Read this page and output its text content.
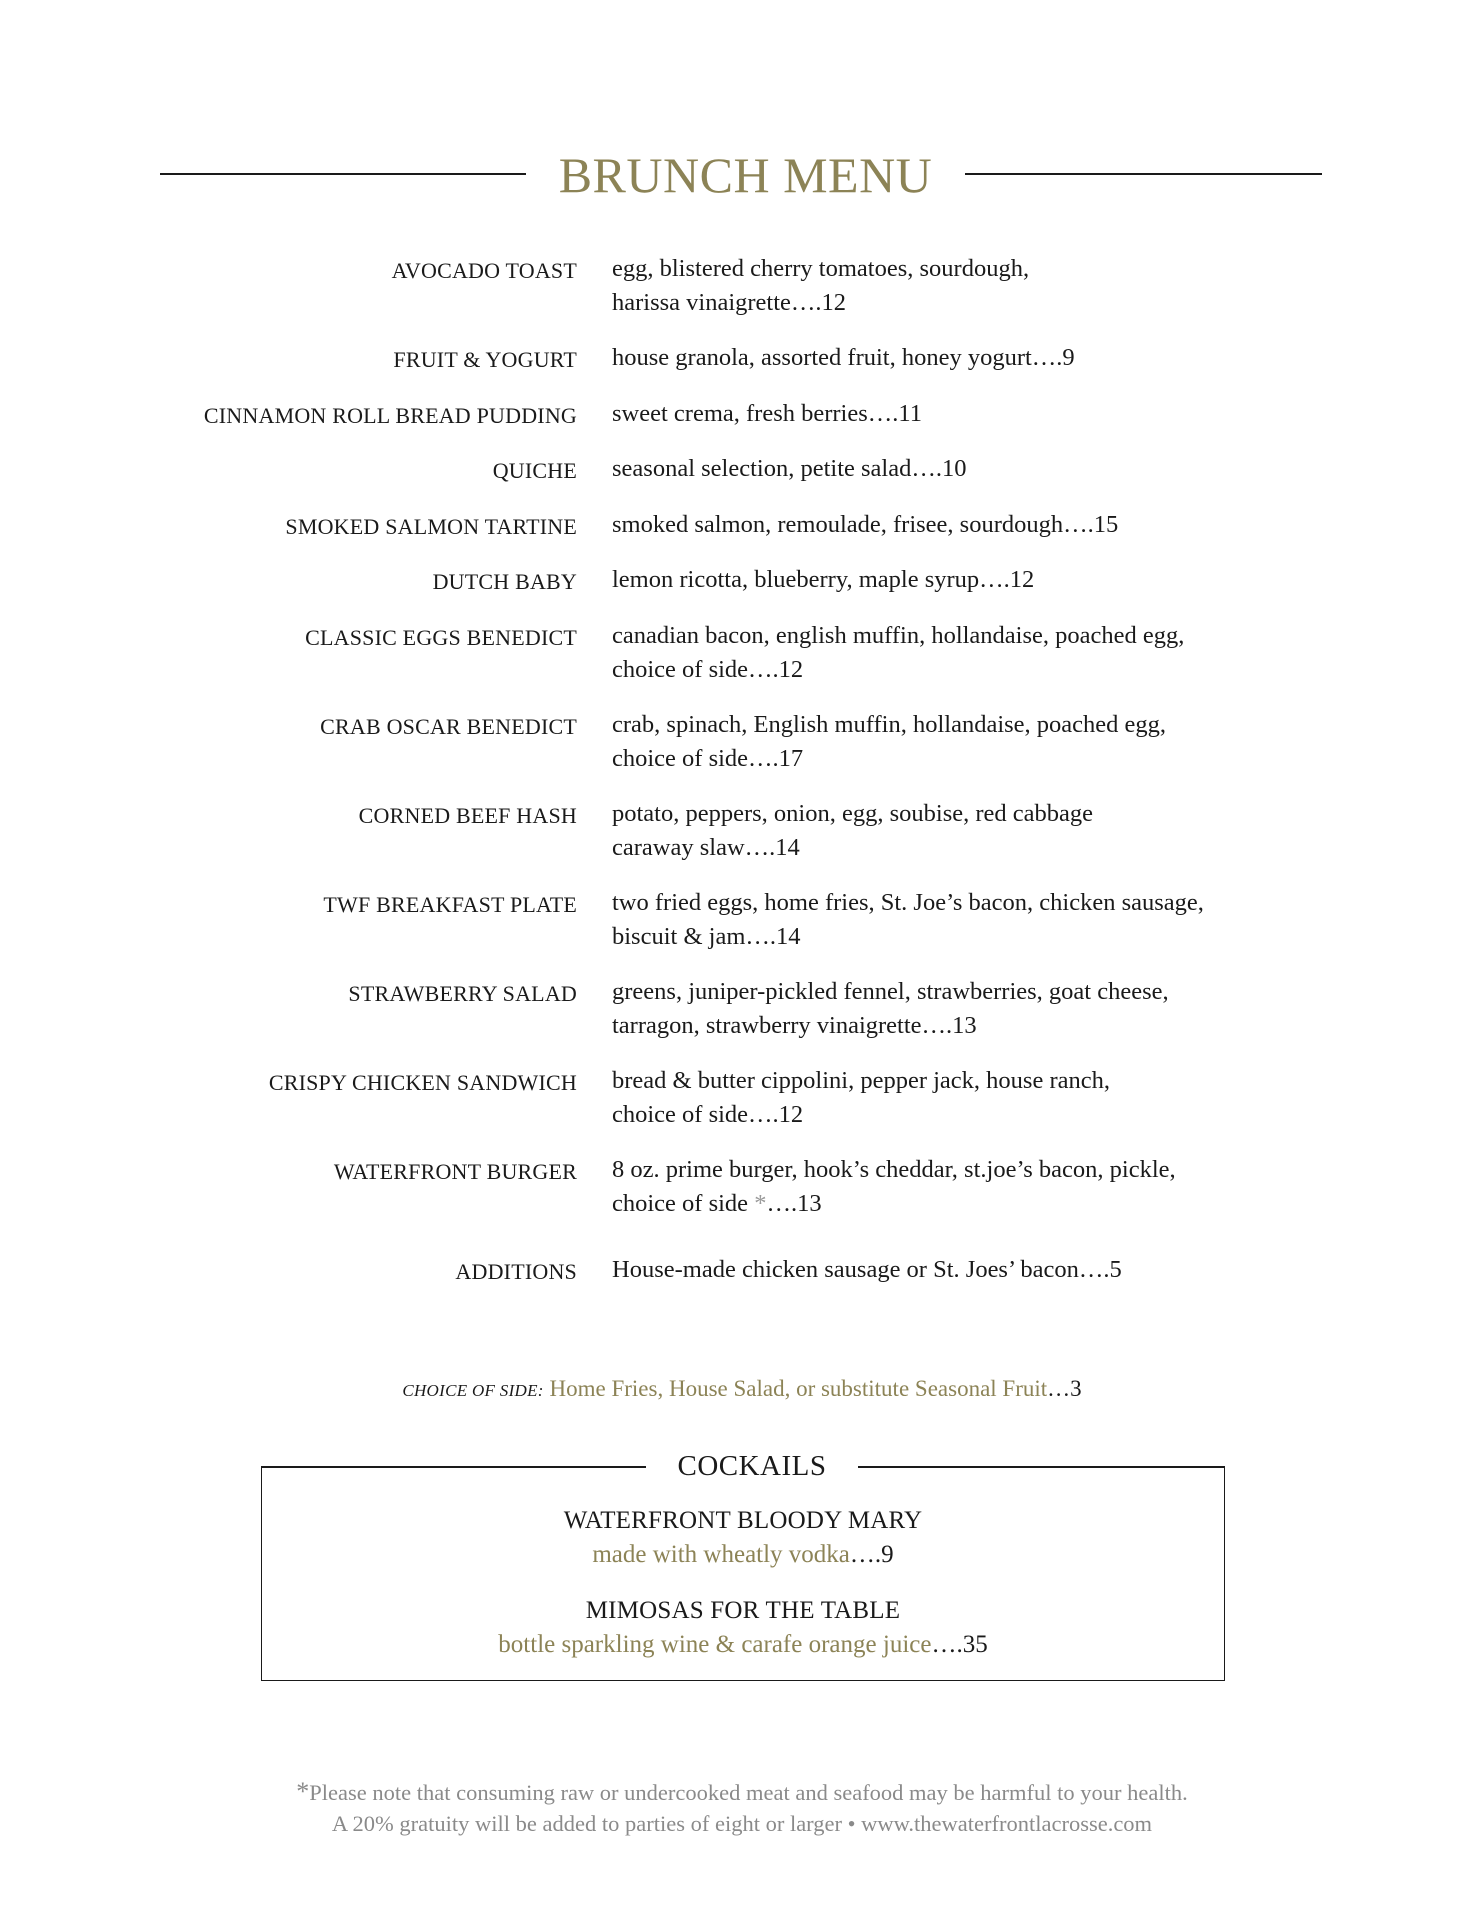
BRUNCH MENU
AVOCADO TOAST egg, blistered cherry tomatoes, sourdough,
harissa vinaigrette….12
FRUIT & YOGURT house granola, assorted fruit, honey yogurt….9
CINNAMON ROLL BREAD PUDDING sweet crema, fresh berries….11
QUICHE seasonal selection, petite salad….10
SMOKED SALMON TARTINE smoked salmon, remoulade, frisee, sourdough….15
DUTCH BABY lemon ricotta, blueberry, maple syrup….12
CLASSIC EGGS BENEDICT canadian bacon, english muffin, hollandaise, poached egg,
choice of side….12
CRAB OSCAR BENEDICT crab, spinach, English muffin, hollandaise, poached egg,
choice of side….17
CORNED BEEF HASH potato, peppers, onion, egg, soubise, red cabbage
caraway slaw….14
TWF BREAKFAST PLATE two fried eggs, home fries, St. Joe’s bacon, chicken sausage,
biscuit & jam….14
STRAWBERRY SALAD greens, juniper-pickled fennel, strawberries, goat cheese,
tarragon, strawberry vinaigrette….13
CRISPY CHICKEN SANDWICH bread & butter cippolini, pepper jack, house ranch,
choice of side….12
WATERFRONT BURGER 8 oz. prime burger, hook’s cheddar, st.joe’s bacon, pickle,
choice of side *….13
ADDITIONS House-made chicken sausage or St. Joes’ bacon….5
CHOICE OF SIDE: Home Fries, House Salad, or substitute Seasonal Fruit…3
COCKAILS
WATERFRONT BLOODY MARY
made with wheatly vodka….9
MIMOSAS FOR THE TABLE
bottle sparkling wine & carafe orange juice….35
*Please note that consuming raw or undercooked meat and seafood may be harmful to your health.
A 20% gratuity will be added to parties of eight or larger • www.thewaterfrontlacrosse.com
